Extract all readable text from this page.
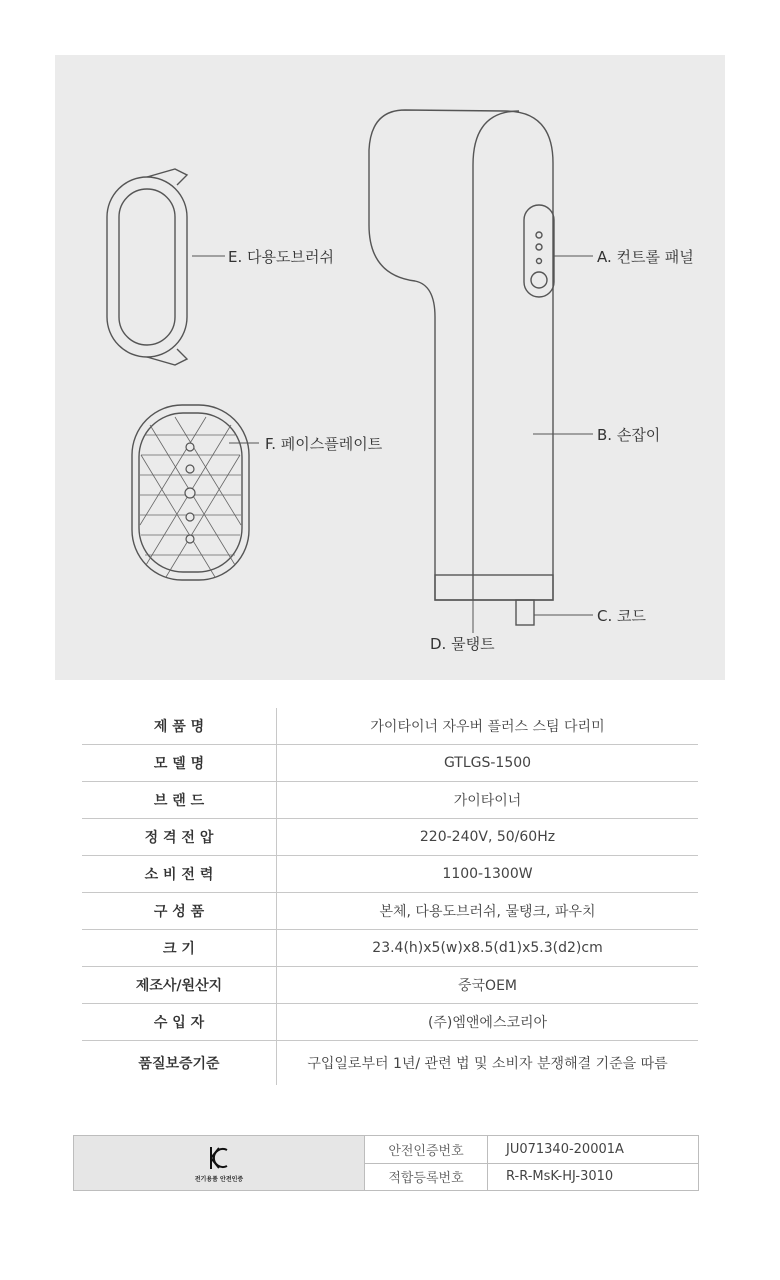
E. 다용도브러쉬
F. 페이스플레이트
A. 컨트롤 패널
B. 손잡이
C. 코드
D. 물탱트
제 품 명	가이타이너 자우버 플러스 스팀 다리미
모 델 명	GTLGS-1500
브 랜 드	가이타이너
정 격 전 압	220-240V, 50/60Hz
소 비 전 력	1100-1300W
구 성 품	본체, 다용도브러쉬, 물탱크, 파우치
크 기	23.4(h)x5(w)x8.5(d1)x5.3(d2)cm
제조사/원산지	중국OEM
수 입 자	(주)엠앤에스코리아
품질보증기준	구입일로부터 1년/ 관련 법 및 소비자 분쟁해결 기준을 따름
전기용품 안전인증
안전인증번호	JU071340-20001A
적합등록번호	R-R-MsK-HJ-3010
